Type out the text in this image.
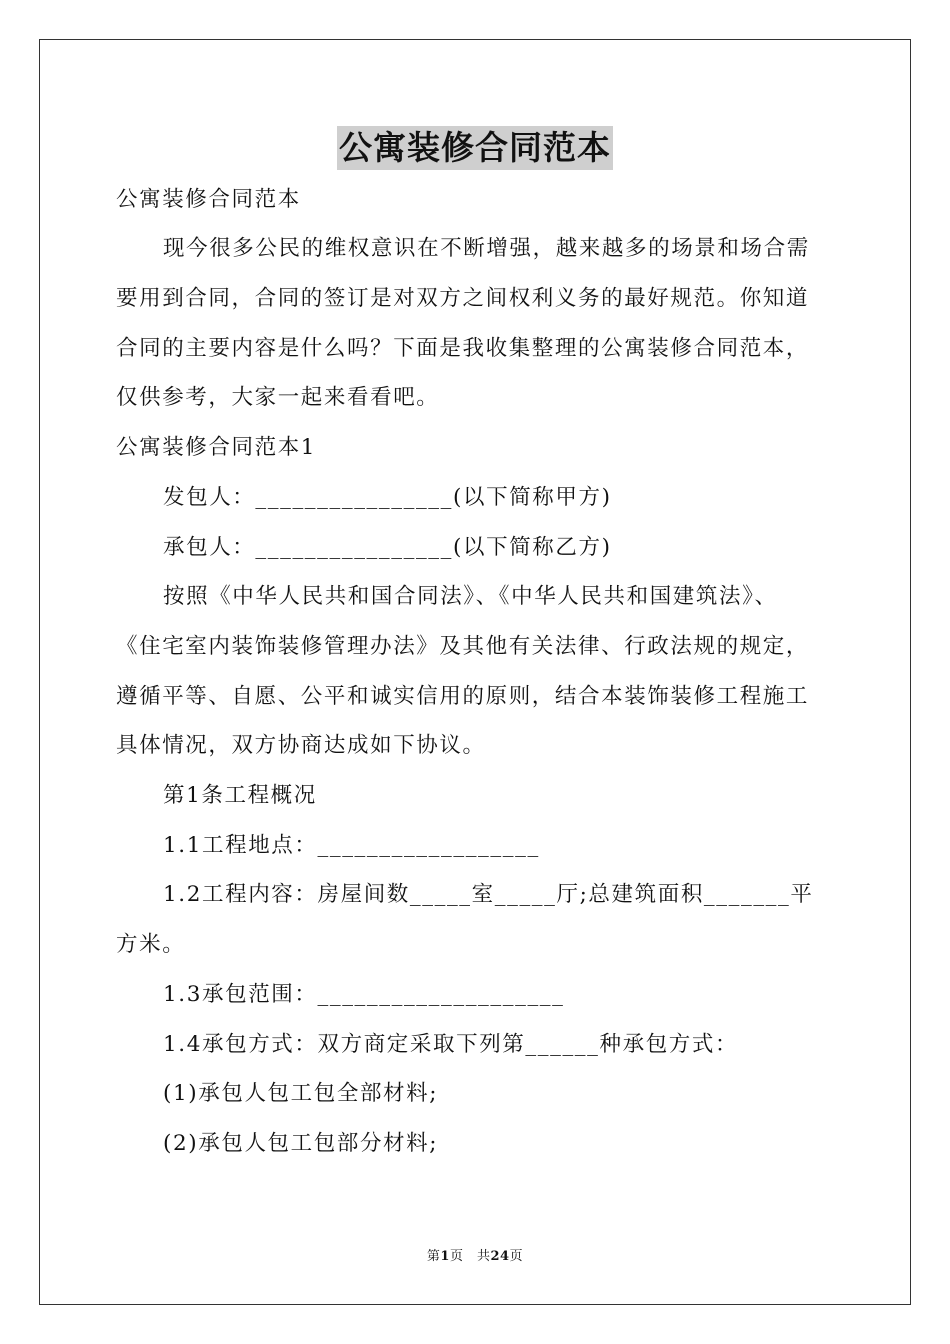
公寓装修合同范本
公寓装修合同范本
现今很多公民的维权意识在不断增强，越来越多的场景和场合需
要用到合同，合同的签订是对双方之间权利义务的最好规范。你知道
合同的主要内容是什么吗？下面是我收集整理的公寓装修合同范本，
仅供参考，大家一起来看看吧。
公寓装修合同范本1
发包人：________________(以下简称甲方)
承包人：________________(以下简称乙方)
按照《中华人民共和国合同法》、《中华人民共和国建筑法》、
《住宅室内装饰装修管理办法》及其他有关法律、行政法规的规定，
遵循平等、自愿、公平和诚实信用的原则，结合本装饰装修工程施工
具体情况，双方协商达成如下协议。
第1条工程概况
1.1工程地点：__________________
1.2工程内容：房屋间数_____室_____厅;总建筑面积_______平
方米。
1.3承包范围：____________________
1.4承包方式：双方商定采取下列第______种承包方式：
(1)承包人包工包全部材料;
(2)承包人包工包部分材料;
第1页　共24页
